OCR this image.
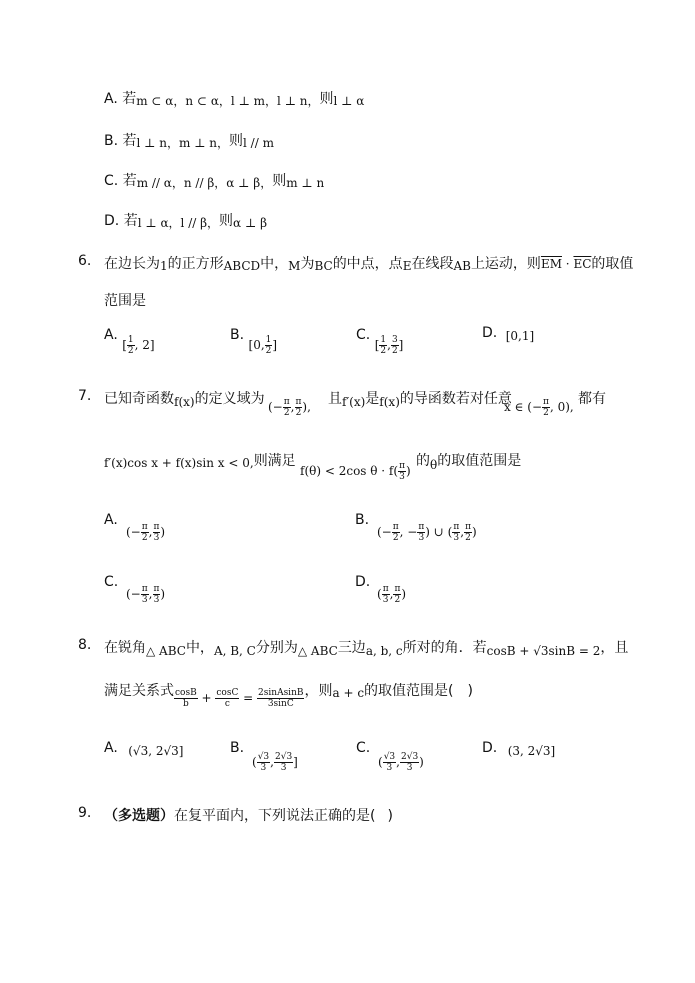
A. 若m ⊂ α，n ⊂ α，l ⊥ m，l ⊥ n，则l ⊥ α
B. 若l ⊥ n，m ⊥ n，则l // m
C. 若m // α，n // β，α ⊥ β，则m ⊥ n
D. 若l ⊥ α，l // β，则α ⊥ β
6. 在边长为1的正方形ABCD中，M为BC的中点，点E在线段AB上运动，则$\overline{EM} \cdot \overline{EC}$的取值
范围是
A. [ $\frac{1}{2}$ , 2]
B. [0, $\frac{1}{2}$ ]
C. [ $\frac{1}{2}$ , $\frac{3}{2}$ ]
D. [0,1]
7. 已知奇函数f(x)的定义域为 (− $\frac{\pi}{2}$ , $\frac{\pi}{2}$ ), 且f′(x)是f(x)的导函数若对任意
x ∈ (− $\frac{\pi}{2}$ , 0), 都有
f′(x)cos x + f(x)sin x < 0,则满足
f(θ) < 2cos $\theta \cdot f( \frac{\pi}{3}$ )
的θ的取值范围是
A.
(− $\frac{\pi}{2}$ , $\frac{\pi}{3}$ )
B.
(− $\frac{\pi}{2}$ , − $\frac{\pi}{3}$ ) ∪ ( $\frac{\pi}{3}$ , $\frac{\pi}{2}$ )
C.
(− $\frac{\pi}{3}$ , $\frac{\pi}{3}$ )
D.
( $\frac{\pi}{3}$ , $\frac{\pi}{2}$ )
8. 在锐角△ ABC中，A, B, C分别为△ ABC三边a, b, c所对的角．若cosB + √3sinB = 2，且
满足关系式 $\frac{\cos B}{b} + \frac{\cos C}{c} = \frac{\text{2sinAsinB}}{3\sin C}$ ，则a + c的取值范围是( )
A. (√3, 2√3]	B.
( $\frac{√3}{3}$ , $\frac{2√3}{3}$ ]
C.
( $\frac{√3}{3}$ , $\frac{2√3}{3}$ )
D. (3, 2√3]
9. （多选题）在复平面内，下列说法正确的是( )
